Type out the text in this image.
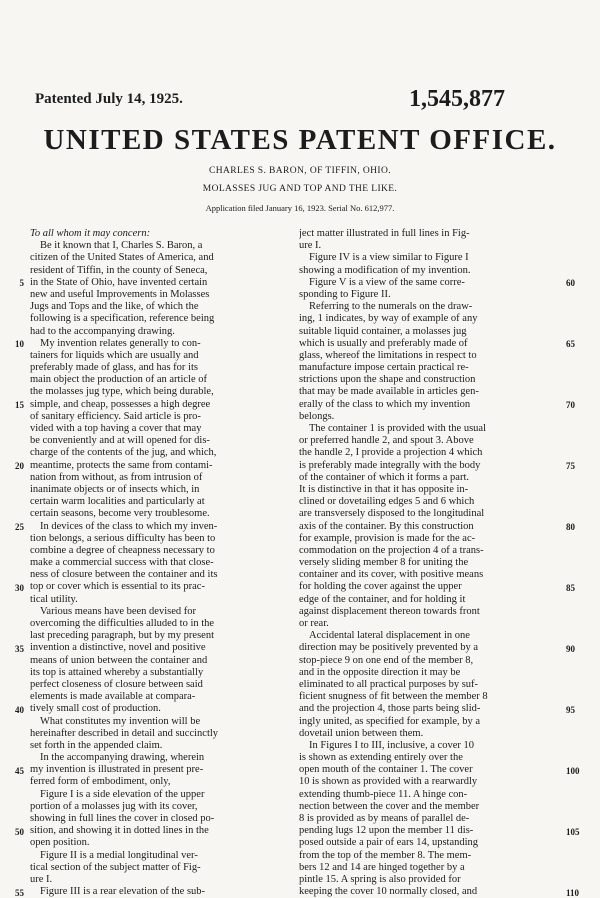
Patented July 14, 1925.	1,545,877
UNITED STATES PATENT OFFICE.
CHARLES S. BARON, OF TIFFIN, OHIO.
MOLASSES JUG AND TOP AND THE LIKE.
Application filed January 16, 1923. Serial No. 612,977.
To all whom it may concern:
Be it known that I, Charles S. Baron, a
citizen of the United States of America, and
resident of Tiffin, in the county of Seneca,
in the State of Ohio, have invented certain
new and useful Improvements in Molasses
Jugs and Tops and the like, of which the
following is a specification, reference being
had to the accompanying drawing.
My invention relates generally to con-
tainers for liquids which are usually and
preferably made of glass, and has for its
main object the production of an article of
the molasses jug type, which being durable,
simple, and cheap, possesses a high degree
of sanitary efficiency. Said article is pro-
vided with a top having a cover that may
be conveniently and at will opened for dis-
charge of the contents of the jug, and which,
meantime, protects the same from contami-
nation from without, as from intrusion of
inanimate objects or of insects which, in
certain warm localities and particularly at
certain seasons, become very troublesome.
In devices of the class to which my inven-
tion belongs, a serious difficulty has been to
combine a degree of cheapness necessary to
make a commercial success with that close-
ness of closure between the container and its
top or cover which is essential to its prac-
tical utility.
Various means have been devised for
overcoming the difficulties alluded to in the
last preceding paragraph, but by my present
invention a distinctive, novel and positive
means of union between the container and
its top is attained whereby a substantially
perfect closeness of closure between said
elements is made available at compara-
tively small cost of production.
What constitutes my invention will be
hereinafter described in detail and succinctly
set forth in the appended claim.
In the accompanying drawing, wherein
my invention is illustrated in present pre-
ferred form of embodiment, only,
Figure I is a side elevation of the upper
portion of a molasses jug with its cover,
showing in full lines the cover in closed po-
sition, and showing it in dotted lines in the
open position.
Figure II is a medial longitudinal ver-
tical section of the subject matter of Fig-
ure I.
Figure III is a rear elevation of the sub-
ject matter illustrated in full lines in Fig-
ure I.
Figure IV is a view similar to Figure I
showing a modification of my invention.
Figure V is a view of the same corre-
sponding to Figure II.
Referring to the numerals on the draw-
ing, 1 indicates, by way of example of any
suitable liquid container, a molasses jug
which is usually and preferably made of
glass, whereof the limitations in respect to
manufacture impose certain practical re-
strictions upon the shape and construction
that may be made available in articles gen-
erally of the class to which my invention
belongs.
The container 1 is provided with the usual
or preferred handle 2, and spout 3. Above
the handle 2, I provide a projection 4 which
is preferably made integrally with the body
of the container of which it forms a part.
It is distinctive in that it has opposite in-
clined or dovetailing edges 5 and 6 which
are transversely disposed to the longitudinal
axis of the container. By this construction
for example, provision is made for the ac-
commodation on the projection 4 of a trans-
versely sliding member 8 for uniting the
container and its cover, with positive means
for holding the cover against the upper
edge of the container, and for holding it
against displacement thereon towards front
or rear.
Accidental lateral displacement in one
direction may be positively prevented by a
stop-piece 9 on one end of the member 8,
and in the opposite direction it may be
eliminated to all practical purposes by suf-
ficient snugness of fit between the member 8
and the projection 4, those parts being slid-
ingly united, as specified for example, by a
dovetail union between them.
In Figures I to III, inclusive, a cover 10
is shown as extending entirely over the
open mouth of the container 1. The cover
10 is shown as provided with a rearwardly
extending thumb-piece 11. A hinge con-
nection between the cover and the member
8 is provided as by means of parallel de-
pending lugs 12 upon the member 11 dis-
posed outside a pair of ears 14, upstanding
from the top of the member 8. The mem-
bers 12 and 14 are hinged together by a
pintle 15. A spring is also provided for
keeping the cover 10 normally closed, and
5
10
15
20
25
30
35
40
45
50
55
60
65
70
75
80
85
90
95
100
105
110
